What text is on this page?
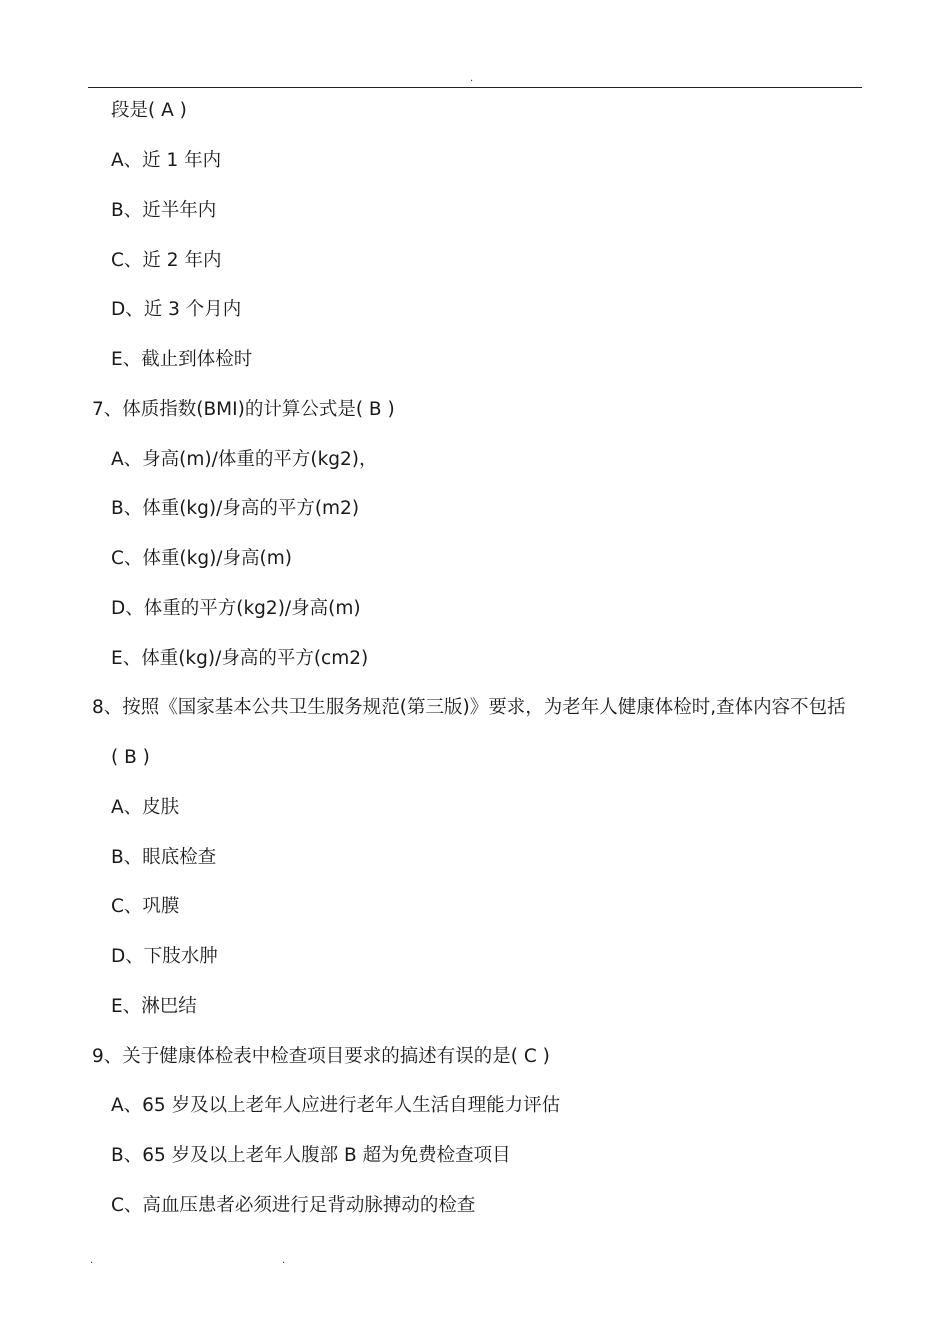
.
段是( A )
A、近 1 年内
B、近半年内
C、近 2 年内
D、近 3 个月内
E、截止到体检时
7、体质指数(BMI)的计算公式是( B )
A、身高(m)/体重的平方(kg2)，
B、体重(kg)/身高的平方(m2)
C、体重(kg)/身高(m)
D、体重的平方(kg2)/身高(m)
E、体重(kg)/身高的平方(cm2)
8、按照《国家基本公共卫生服务规范(第三版)》要求，为老年人健康体检时,查体内容不包括
( B )
A、皮肤
B、眼底检查
C、巩膜
D、下肢水肿
E、淋巴结
9、关于健康体检表中检查项目要求的搞述有误的是( C )
A、65 岁及以上老年人应进行老年人生活自理能力评估
B、65 岁及以上老年人腹部 B 超为免费检查项目
C、高血压患者必须进行足背动脉搏动的检查
.	.
